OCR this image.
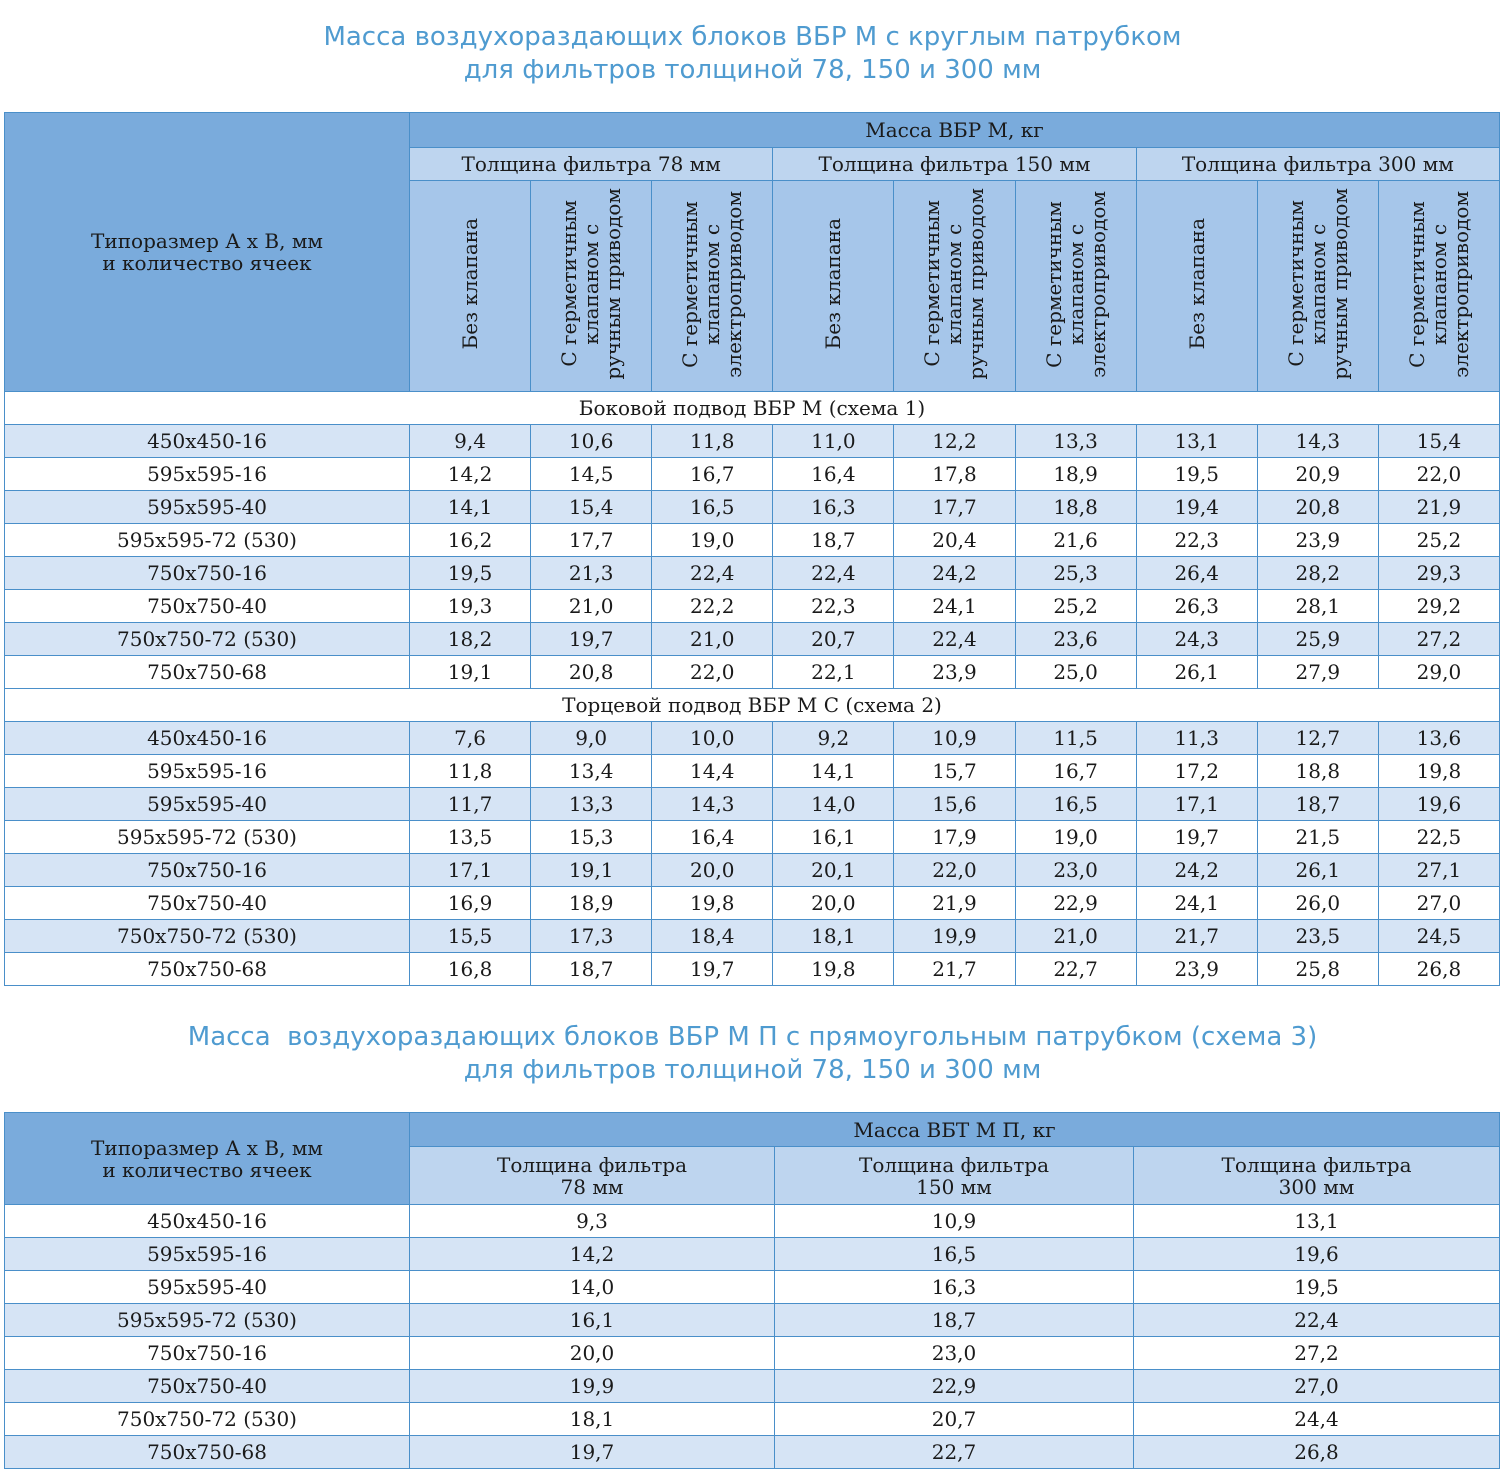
Масса воздухораздающих блоков ВБР М с круглым патрубком
для фильтров толщиной 78, 150 и 300 мм
Типоразмер А х В, мм
и количество ячеек	Масса ВБР М, кг								
	Толщина фильтра 78 мм			Толщина фильтра 150 мм			Толщина фильтра 300 мм		
	Без клапана	С герметичным
клапаном с
ручным приводом	С герметичным
клапаном с
электроприводом	Без клапана	С герметичным
клапаном с
ручным приводом	С герметичным
клапаном с
электроприводом	Без клапана	С герметичным
клапаном с
ручным приводом	С герметичным
клапаном с
электроприводом
Боковой подвод ВБР М (схема 1)									
450x450-16	9,4	10,6	11,8	11,0	12,2	13,3	13,1	14,3	15,4
595x595-16	14,2	14,5	16,7	16,4	17,8	18,9	19,5	20,9	22,0
595x595-40	14,1	15,4	16,5	16,3	17,7	18,8	19,4	20,8	21,9
595x595-72 (530)	16,2	17,7	19,0	18,7	20,4	21,6	22,3	23,9	25,2
750x750-16	19,5	21,3	22,4	22,4	24,2	25,3	26,4	28,2	29,3
750x750-40	19,3	21,0	22,2	22,3	24,1	25,2	26,3	28,1	29,2
750x750-72 (530)	18,2	19,7	21,0	20,7	22,4	23,6	24,3	25,9	27,2
750x750-68	19,1	20,8	22,0	22,1	23,9	25,0	26,1	27,9	29,0
Торцевой подвод ВБР М С (схема 2)									
450x450-16	7,6	9,0	10,0	9,2	10,9	11,5	11,3	12,7	13,6
595x595-16	11,8	13,4	14,4	14,1	15,7	16,7	17,2	18,8	19,8
595x595-40	11,7	13,3	14,3	14,0	15,6	16,5	17,1	18,7	19,6
595x595-72 (530)	13,5	15,3	16,4	16,1	17,9	19,0	19,7	21,5	22,5
750x750-16	17,1	19,1	20,0	20,1	22,0	23,0	24,2	26,1	27,1
750x750-40	16,9	18,9	19,8	20,0	21,9	22,9	24,1	26,0	27,0
750x750-72 (530)	15,5	17,3	18,4	18,1	19,9	21,0	21,7	23,5	24,5
750x750-68	16,8	18,7	19,7	19,8	21,7	22,7	23,9	25,8	26,8
Масса  воздухораздающих блоков ВБР М П с прямоугольным патрубком (схема 3)
для фильтров толщиной 78, 150 и 300 мм
Типоразмер А х В, мм
и количество ячеек	Масса ВБТ М П, кг		
	Толщина фильтра
78 мм	Толщина фильтра
150 мм	Толщина фильтра
300 мм
450x450-16	9,3	10,9	13,1
595x595-16	14,2	16,5	19,6
595x595-40	14,0	16,3	19,5
595x595-72 (530)	16,1	18,7	22,4
750x750-16	20,0	23,0	27,2
750x750-40	19,9	22,9	27,0
750x750-72 (530)	18,1	20,7	24,4
750x750-68	19,7	22,7	26,8
